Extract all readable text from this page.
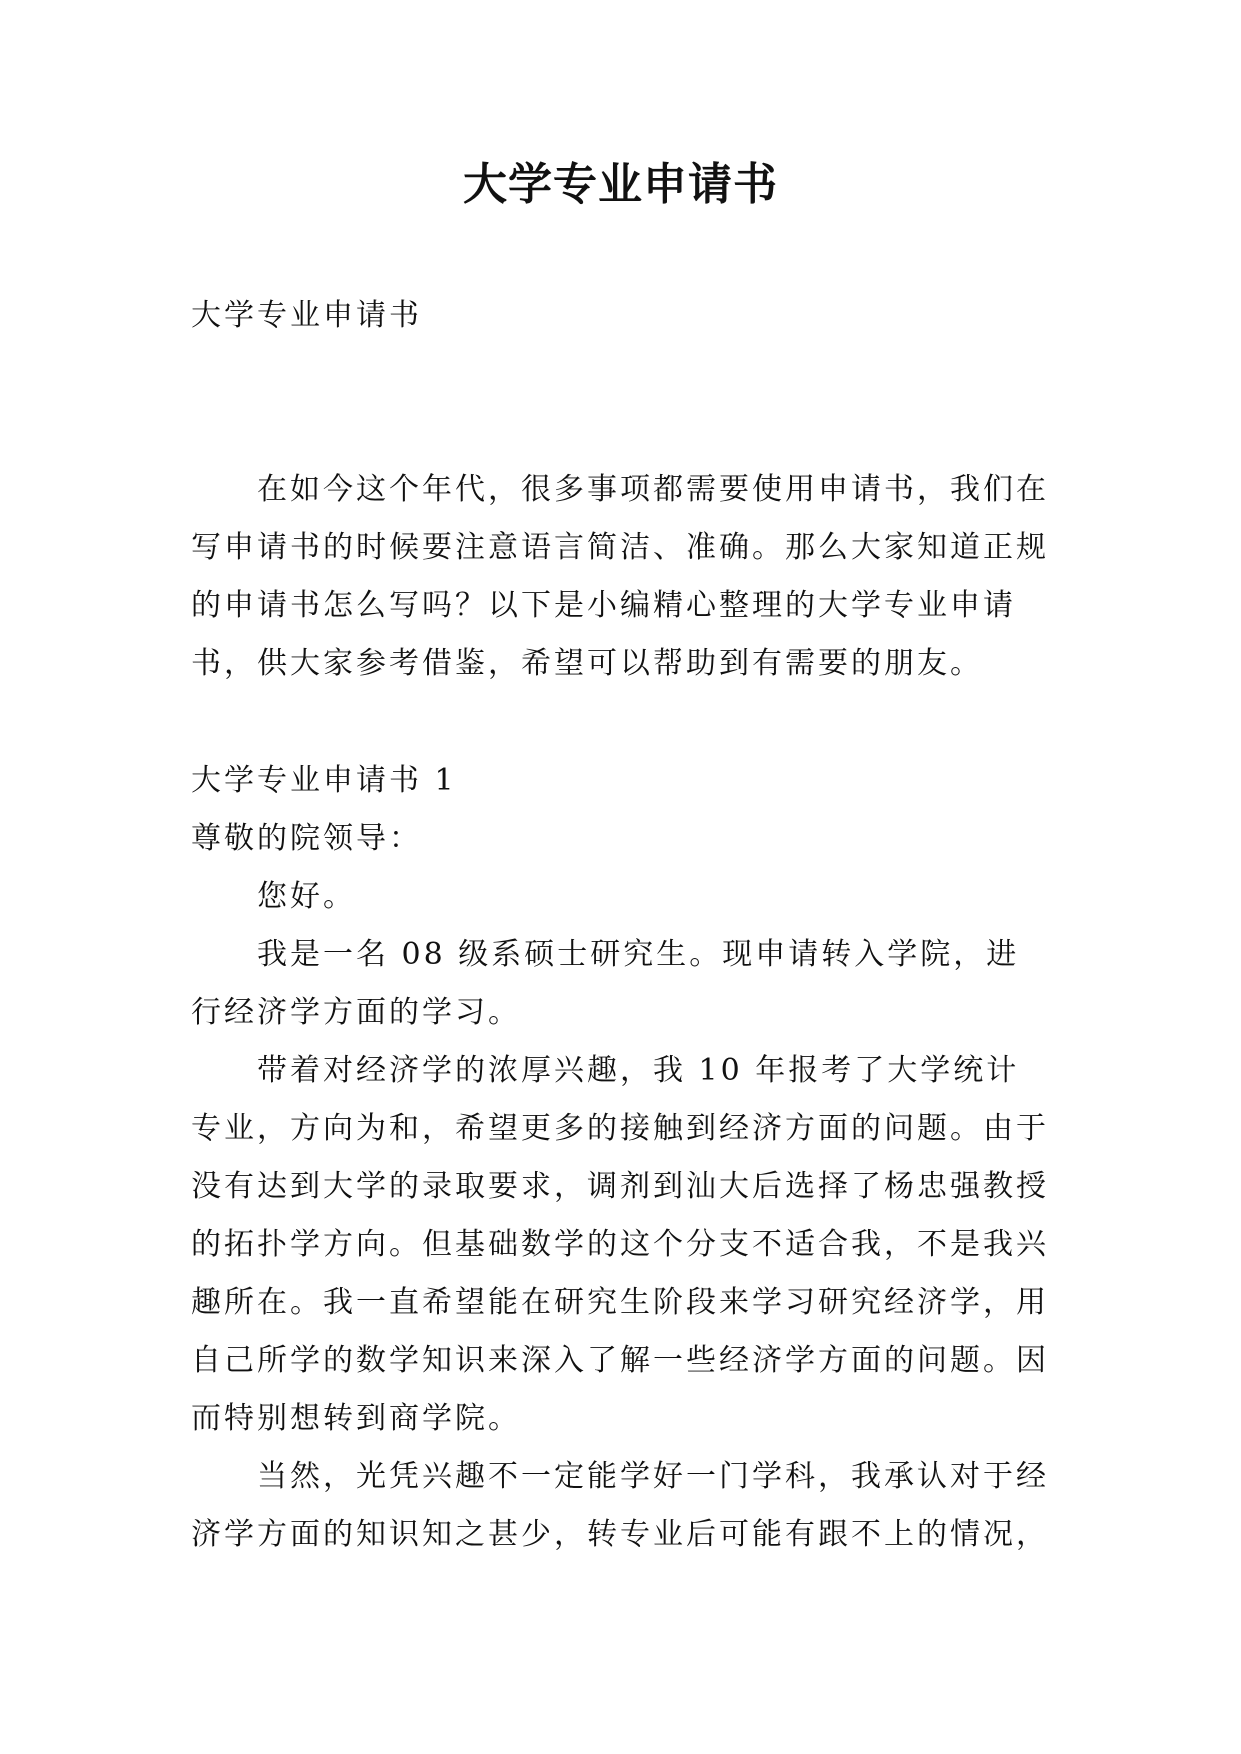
大学专业申请书

大学专业申请书

在如今这个年代，很多事项都需要使用申请书，我们在写申请书的时候要注意语言简洁、准确。那么大家知道正规的申请书怎么写吗？以下是小编精心整理的大学专业申请书，供大家参考借鉴，希望可以帮助到有需要的朋友。

大学专业申请书 1

尊敬的院领导：

您好。

我是一名 08 级系硕士研究生。现申请转入学院，进行经济学方面的学习。

带着对经济学的浓厚兴趣，我 10 年报考了大学统计专业，方向为和，希望更多的接触到经济方面的问题。由于没有达到大学的录取要求，调剂到汕大后选择了杨忠强教授的拓扑学方向。但基础数学的这个分支不适合我，不是我兴趣所在。我一直希望能在研究生阶段来学习研究经济学，用自己所学的数学知识来深入了解一些经济学方面的问题。因而特别想转到商学院。

当然，光凭兴趣不一定能学好一门学科，我承认对于经济学方面的知识知之甚少，转专业后可能有跟不上的情况，
